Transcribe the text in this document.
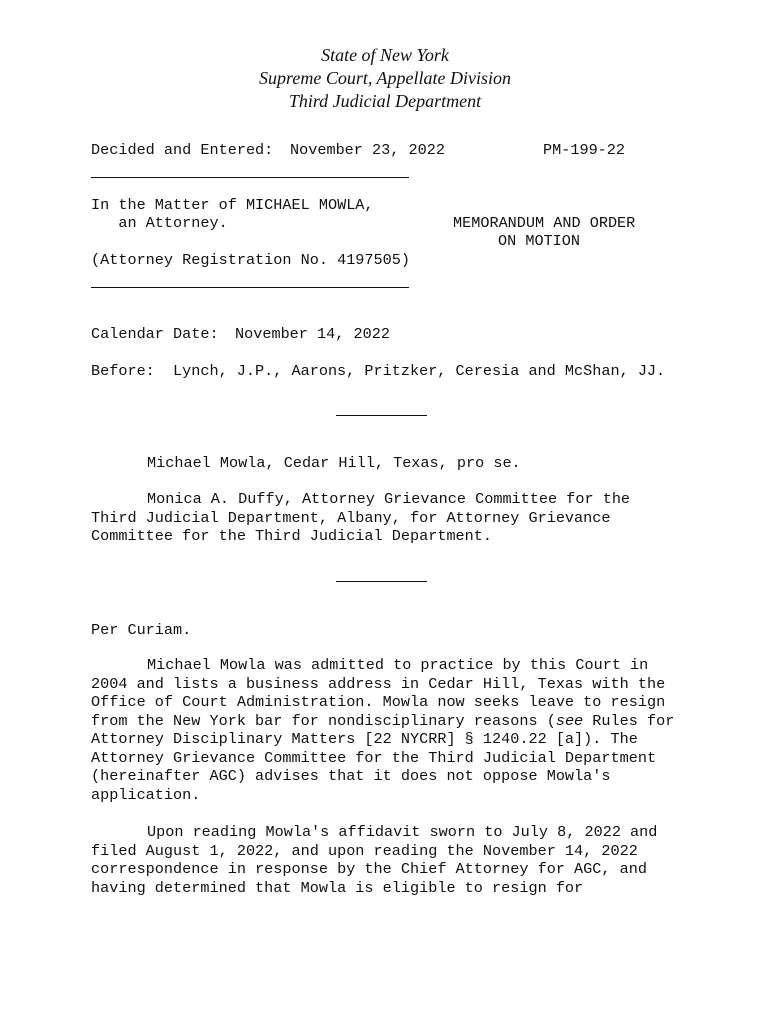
State of New York
Supreme Court, Appellate Division
Third Judicial Department
Decided and Entered: November 23, 2022	PM-199-22
In the Matter of MICHAEL MOWLA,
an Attorney.
(Attorney Registration No. 4197505)
MEMORANDUM AND ORDER
ON MOTION
Calendar Date: November 14, 2022
Before: Lynch, J.P., Aarons, Pritzker, Ceresia and McShan, JJ.

Michael Mowla, Cedar Hill, Texas, pro se.

Monica A. Duffy, Attorney Grievance Committee for the Third Judicial Department, Albany, for Attorney Grievance Committee for the Third Judicial Department.

Per Curiam.

Michael Mowla was admitted to practice by this Court in 2004 and lists a business address in Cedar Hill, Texas with the Office of Court Administration. Mowla now seeks leave to resign from the New York bar for nondisciplinary reasons (see Rules for Attorney Disciplinary Matters [22 NYCRR] § 1240.22 [a]). The Attorney Grievance Committee for the Third Judicial Department (hereinafter AGC) advises that it does not oppose Mowla's application.

Upon reading Mowla's affidavit sworn to July 8, 2022 and filed August 1, 2022, and upon reading the November 14, 2022 correspondence in response by the Chief Attorney for AGC, and having determined that Mowla is eligible to resign for
